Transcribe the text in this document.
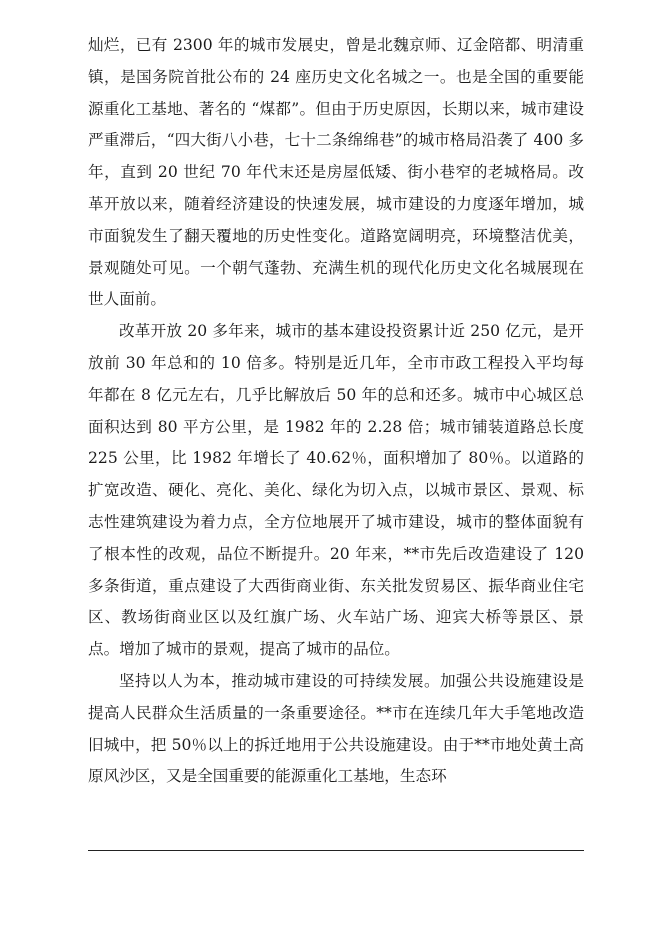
灿烂，已有 2300 年的城市发展史，曾是北魏京师、辽金陪都、明清重镇，是国务院首批公布的 24 座历史文化名城之一。也是全国的重要能源重化工基地、著名的 “煤都”。但由于历史原因，长期以来，城市建设严重滞后，“四大街八小巷，七十二条绵绵巷”的城市格局沿袭了 400 多年，直到 20 世纪 70 年代末还是房屋低矮、街小巷窄的老城格局。改革开放以来，随着经济建设的快速发展，城市建设的力度逐年增加，城市面貌发生了翻天覆地的历史性变化。道路宽阔明亮，环境整洁优美，景观随处可见。一个朝气蓬勃、充满生机的现代化历史文化名城展现在世人面前。

改革开放 20 多年来，城市的基本建设投资累计近 250 亿元，是开放前 30 年总和的 10 倍多。特别是近几年，全市市政工程投入平均每年都在 8 亿元左右，几乎比解放后 50 年的总和还多。城市中心城区总面积达到 80 平方公里，是 1982 年的 2.28 倍；城市铺装道路总长度 225 公里，比 1982 年增长了 40.62％，面积增加了 80％。以道路的扩宽改造、硬化、亮化、美化、绿化为切入点，以城市景区、景观、标志性建筑建设为着力点，全方位地展开了城市建设，城市的整体面貌有了根本性的改观，品位不断提升。20 年来，**市先后改造建设了 120 多条街道，重点建设了大西街商业街、东关批发贸易区、振华商业住宅区、教场街商业区以及红旗广场、火车站广场、迎宾大桥等景区、景点。增加了城市的景观，提高了城市的品位。

坚持以人为本，推动城市建设的可持续发展。加强公共设施建设是提高人民群众生活质量的一条重要途径。**市在连续几年大手笔地改造旧城中，把 50％以上的拆迁地用于公共设施建设。由于**市地处黄土高原风沙区，又是全国重要的能源重化工基地，生态环
